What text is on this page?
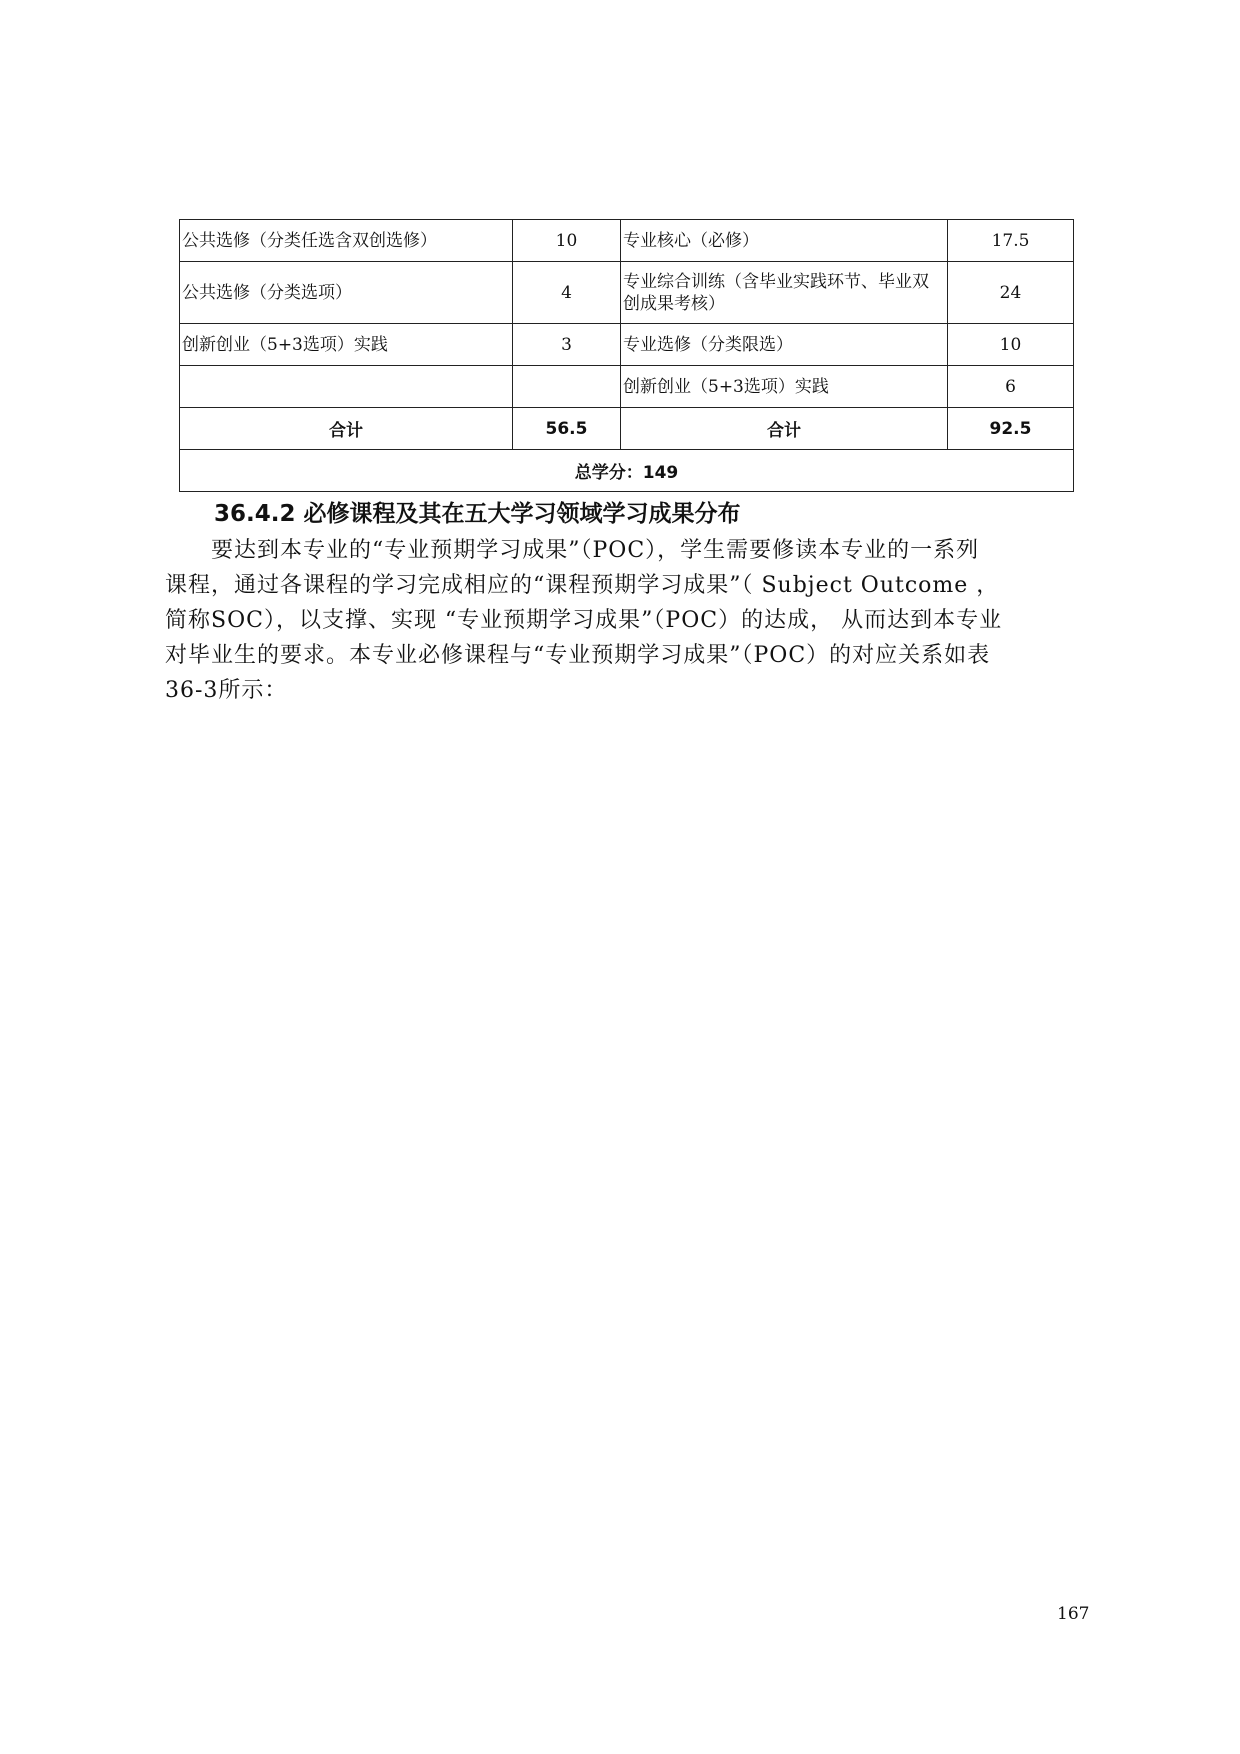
公共选修（分类任选含双创选修）	10	专业核心（必修）	17.5
公共选修（分类选项）	4	专业综合训练（含毕业实践环节、毕业双创成果考核）	24
创新创业（5+3选项）实践	3	专业选修（分类限选）	10
		创新创业（5+3选项）实践	6
合计	56.5	合计	92.5
总学分：149			
36.4.2 必修课程及其在五大学习领域学习成果分布

　　要达到本专业的“专业预期学习成果”（POC），学生需要修读本专业的一系列

课程，通过各课程的学习完成相应的“课程预期学习成果”（ Subject Outcome ，

简称SOC），以支撑、实现 “专业预期学习成果”（POC）的达成， 从而达到本专业

对毕业生的要求。本专业必修课程与“专业预期学习成果”（POC）的对应关系如表

36-3所示：

167
